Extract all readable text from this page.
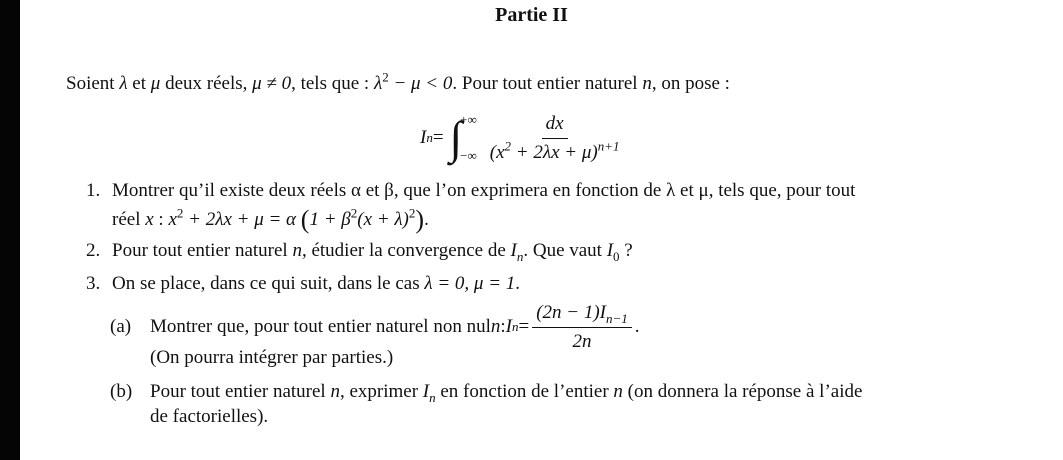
Partie II
Soient λ et μ deux réels, μ ≠ 0, tels que : $\lambda^2 - \mu < 0$. Pour tout entier naturel n, on pose :
I n = ∫
+∞
−∞ $\frac{dx}{(x^2 + 2\lambda x + \mu)^{n+1}}$
1. Montrer qu’il existe deux réels α et β, que l’on exprimera en fonction de λ et μ, tels que, pour tout
réel x : $x^2 + 2\lambda x + \mu = \alpha$ $(1 + \beta^2(x + \lambda)^2)$.
2. Pour tout entier naturel n, étudier la convergence de $I_n$. Que vaut $I_0$ ?
3. On se place, dans ce qui suit, dans le cas λ = 0, μ = 1.
(a) Montrer que, pour tout entier naturel non nul n : I $n = \frac{(2n - 1)I_{n-1}}{2n}$ .
(On pourra intégrer par parties.)
(b) Pour tout entier naturel n, exprimer $I_n$ en fonction de l’entier n (on donnera la réponse à l’aide
de factorielles).
